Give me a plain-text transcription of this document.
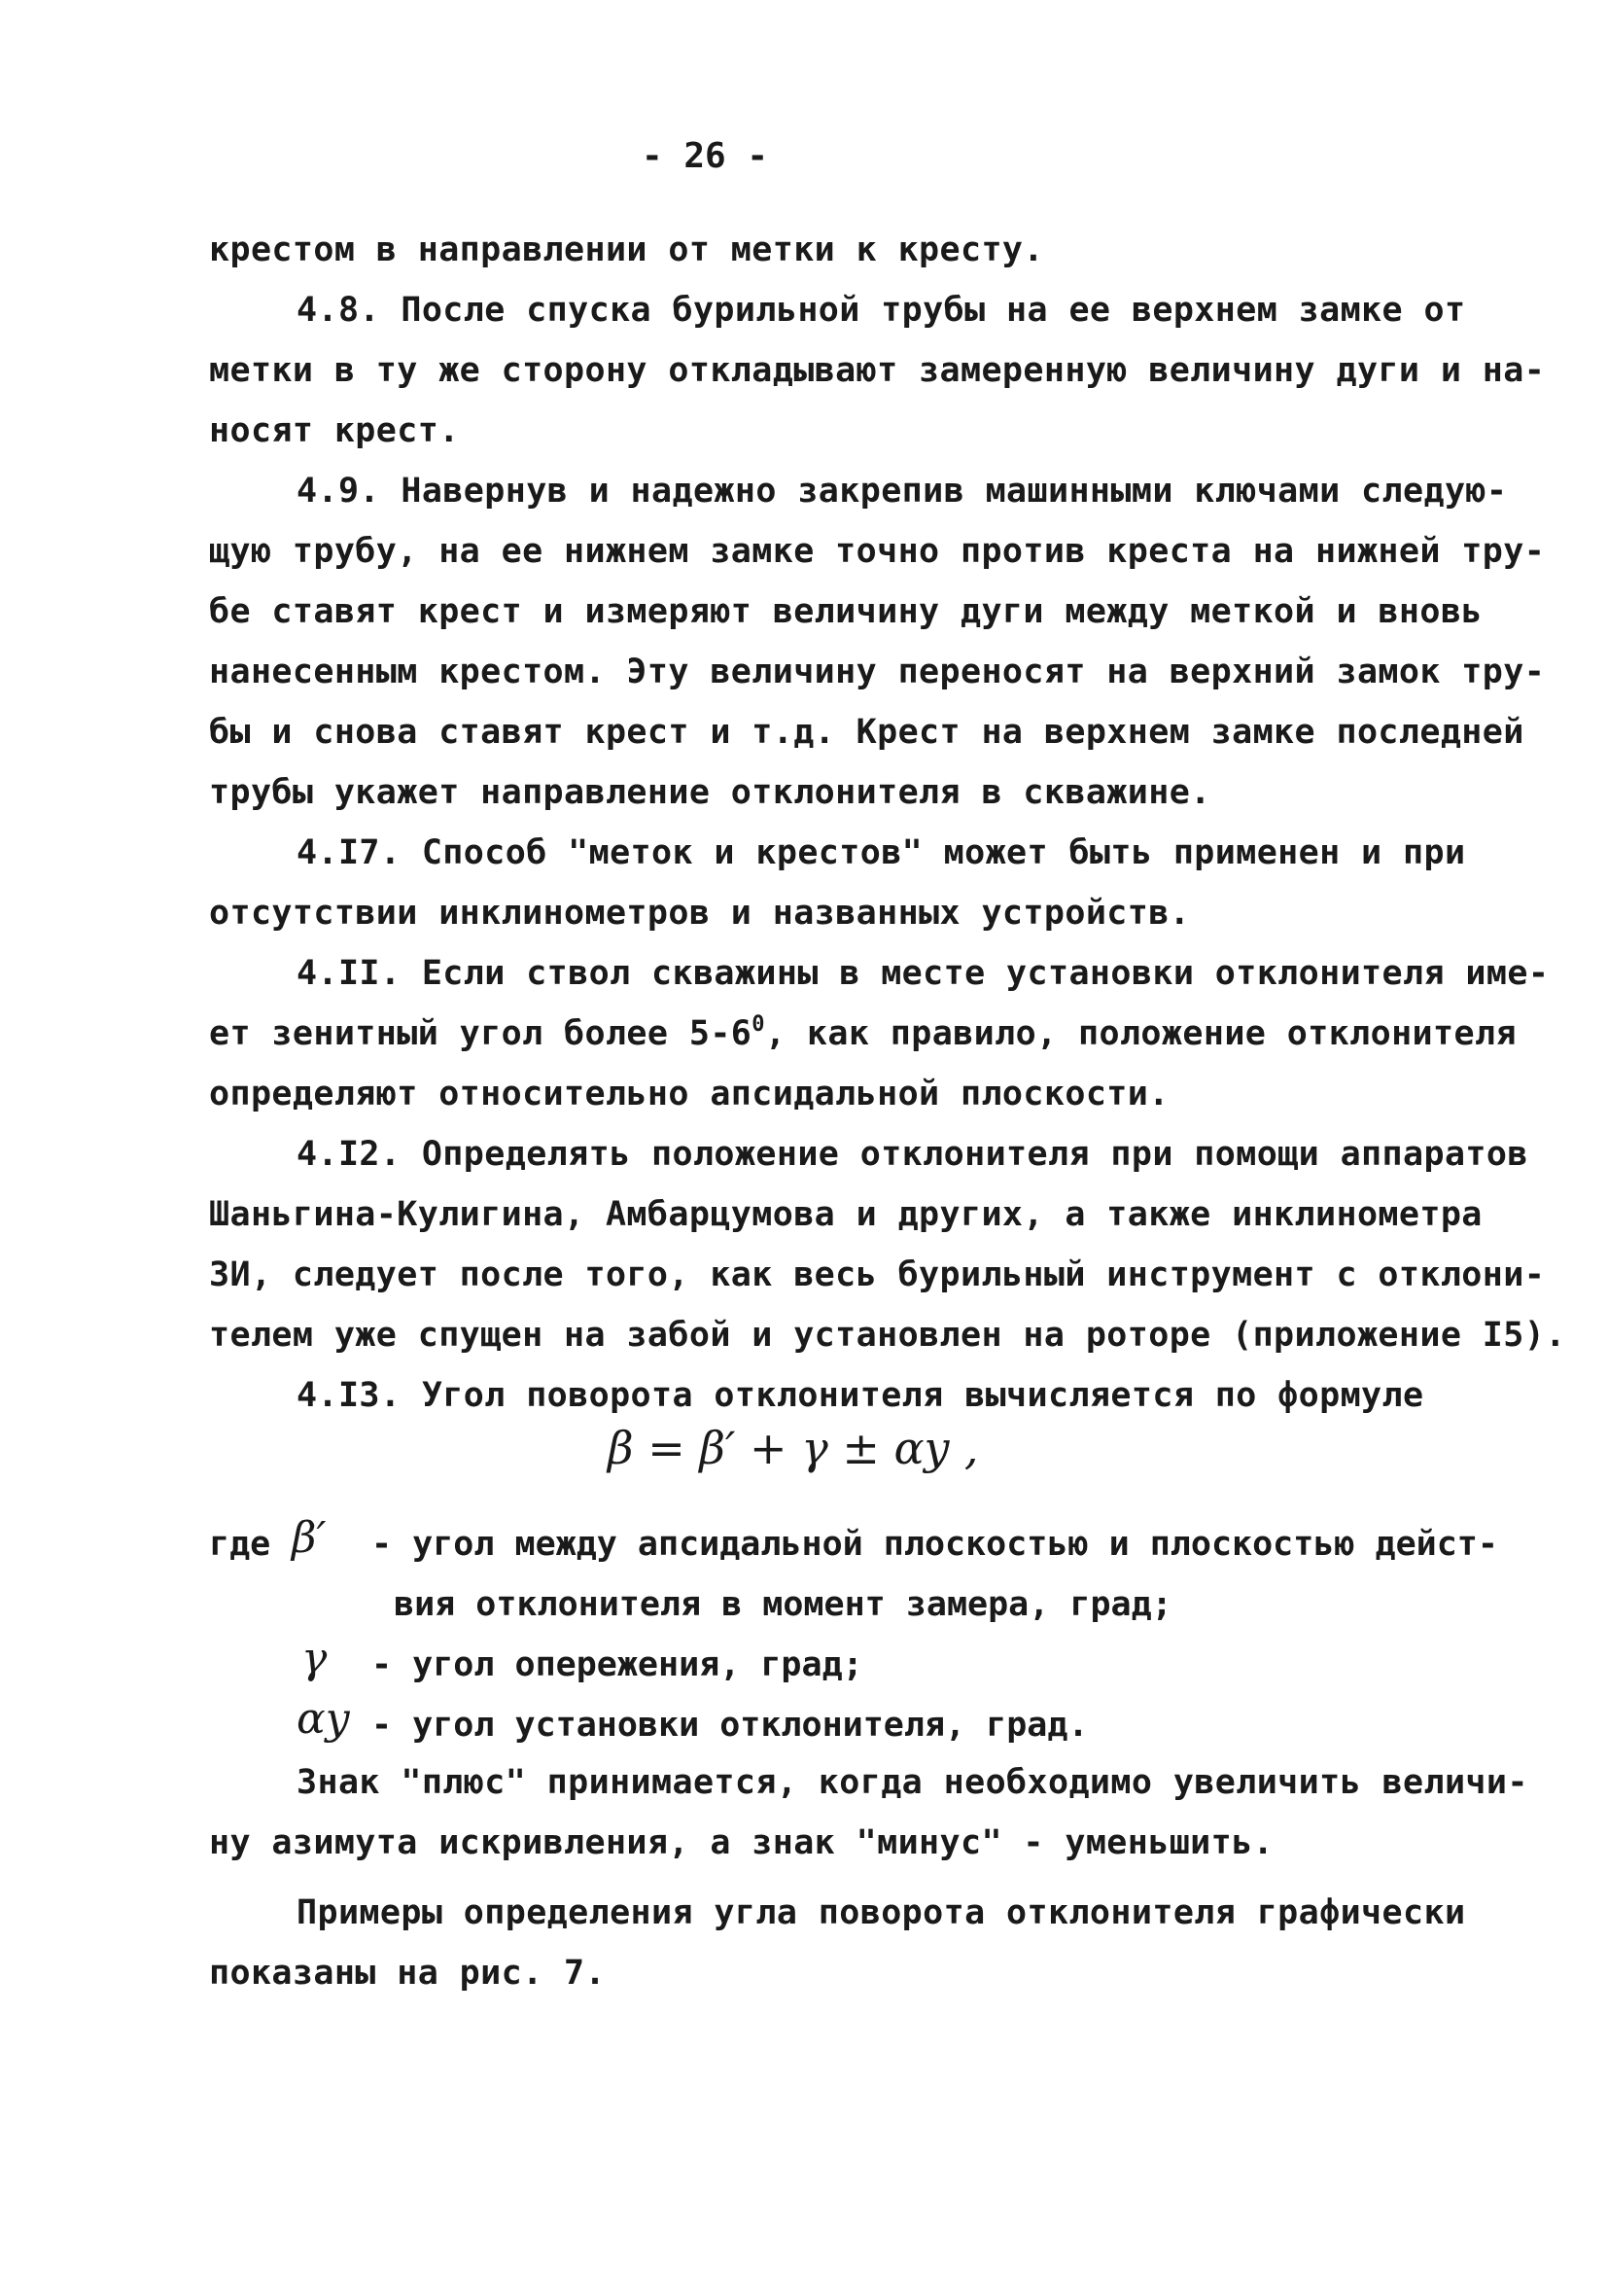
- 26 -
крестом в направлении от метки к кресту.
4.8. После спуска бурильной трубы на ее верхнем замке от
метки в ту же сторону откладывают замеренную величину дуги и на-
носят крест.
4.9. Навернув и надежно закрепив машинными ключами следую-
щую трубу, на ее нижнем замке точно против креста на нижней тру-
бе ставят крест и измеряют величину дуги между меткой и вновь
нанесенным крестом. Эту величину переносят на верхний замок тру-
бы и снова ставят крест и т.д. Крест на верхнем замке последней
трубы укажет направление отклонителя в скважине.
4.I7. Способ "меток и крестов" может быть применен и при
отсутствии инклинометров и названных устройств.
4.II. Если ствол скважины в месте установки отклонителя име-
ет зенитный угол более $5-6^0$, как правило, положение отклонителя
определяют относительно апсидальной плоскости.
4.I2. Определять положение отклонителя при помощи аппаратов
Шаньгина-Кулигина, Амбарцумова и других, а также инклинометра
ЗИ, следует после того, как весь бурильный инструмент с отклони-
телем уже спущен на забой и установлен на роторе (приложение I5).
4.I3. Угол поворота отклонителя вычисляется по формуле
β = β′ + γ ± αу ,
где β′ - угол между апсидальной плоскостью и плоскостью дейст-
вия отклонителя в момент замера, град;
γ - угол опережения, град;
αу - угол установки отклонителя, град.
Знак "плюс" принимается, когда необходимо увеличить величи-
ну азимута искривления, а знак "минус" - уменьшить.
Примеры определения угла поворота отклонителя графически
показаны на рис. 7.
